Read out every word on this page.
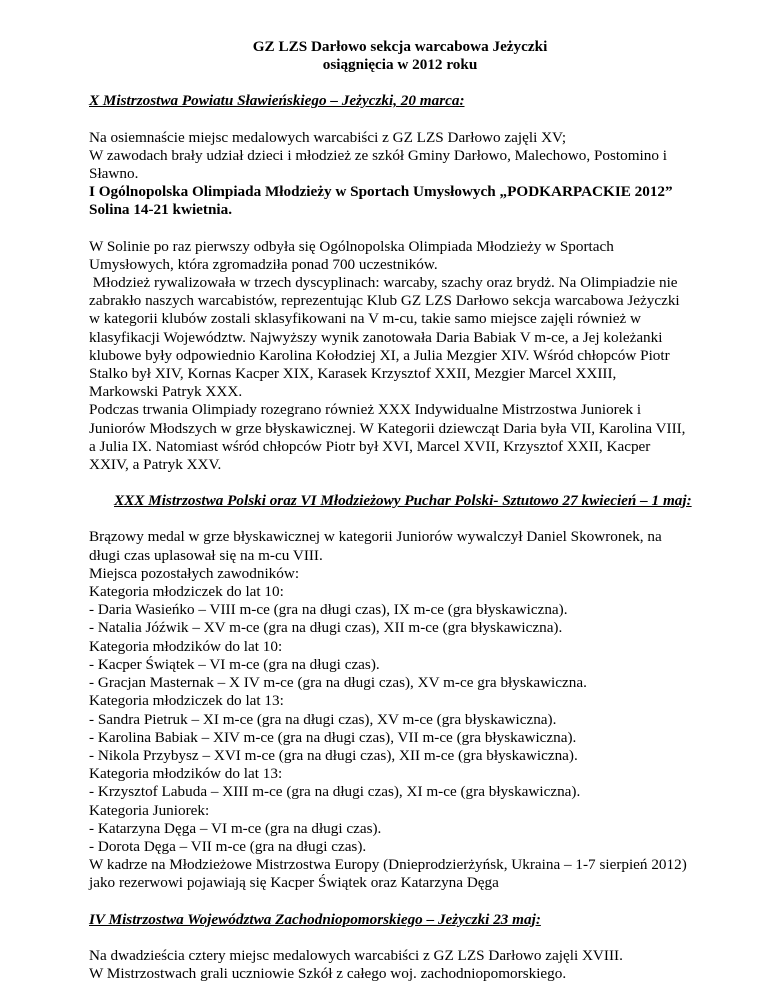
GZ LZS Darłowo sekcja warcabowa Jeżyczki

osiągnięcia w 2012 roku

X Mistrzostwa Powiatu Sławieńskiego – Jeżyczki, 20 marca:

Na osiemnaście miejsc medalowych warcabiści z GZ LZS Darłowo zajęli XV;

W zawodach brały udział dzieci i młodzież ze szkół Gminy Darłowo, Malechowo, Postomino i

Sławno.

I Ogólnopolska Olimpiada Młodzieży w Sportach Umysłowych „PODKARPACKIE 2012”

Solina 14-21 kwietnia.

W Solinie po raz pierwszy odbyła się Ogólnopolska Olimpiada Młodzieży w Sportach

Umysłowych, która zgromadziła ponad 700 uczestników.

Młodzież rywalizowała w trzech dyscyplinach: warcaby, szachy oraz brydż. Na Olimpiadzie nie

zabrakło naszych warcabistów, reprezentując Klub GZ LZS Darłowo sekcja warcabowa Jeżyczki

w kategorii klubów zostali sklasyfikowani na V m-cu, takie samo miejsce zajęli również w

klasyfikacji Województw. Najwyższy wynik zanotowała Daria Babiak V m-ce, a Jej koleżanki

klubowe były odpowiednio Karolina Kołodziej XI, a Julia Mezgier XIV. Wśród chłopców Piotr

Stalko był XIV, Kornas Kacper XIX, Karasek Krzysztof XXII, Mezgier Marcel XXIII,

Markowski Patryk XXX.

Podczas trwania Olimpiady rozegrano również XXX Indywidualne Mistrzostwa Juniorek i

Juniorów Młodszych w grze błyskawicznej. W Kategorii dziewcząt Daria była VII, Karolina VIII,

a Julia IX. Natomiast wśród chłopców Piotr był XVI, Marcel XVII, Krzysztof XXII, Kacper

XXIV, a Patryk XXV.

XXX Mistrzostwa Polski oraz VI Młodzieżowy Puchar Polski- Sztutowo 27 kwiecień – 1 maj:

Brązowy medal w grze błyskawicznej w kategorii Juniorów wywalczył Daniel Skowronek, na

długi czas uplasował się na m-cu VIII.

Miejsca pozostałych zawodników:

Kategoria młodziczek do lat 10:

- Daria Wasieńko – VIII m-ce (gra na długi czas), IX m-ce (gra błyskawiczna).

- Natalia Jóźwik – XV m-ce (gra na długi czas), XII m-ce (gra błyskawiczna).

Kategoria młodzików do lat 10:

- Kacper Świątek – VI m-ce (gra na długi czas).

- Gracjan Masternak – X IV m-ce (gra na długi czas), XV m-ce gra błyskawiczna.

Kategoria młodziczek do lat 13:

- Sandra Pietruk – XI m-ce (gra na długi czas), XV m-ce (gra błyskawiczna).

- Karolina Babiak – XIV m-ce (gra na długi czas), VII m-ce (gra błyskawiczna).

- Nikola Przybysz – XVI m-ce (gra na długi czas), XII m-ce (gra błyskawiczna).

Kategoria młodzików do lat 13:

- Krzysztof Labuda – XIII m-ce (gra na długi czas), XI m-ce (gra błyskawiczna).

Kategoria Juniorek:

- Katarzyna Dęga – VI m-ce (gra na długi czas).

- Dorota Dęga – VII m-ce (gra na długi czas).

W kadrze na Młodzieżowe Mistrzostwa Europy (Dnieprodzierżyńsk, Ukraina – 1-7 sierpień 2012)

jako rezerwowi pojawiają się Kacper Świątek oraz Katarzyna Dęga

IV Mistrzostwa Województwa Zachodniopomorskiego – Jeżyczki 23 maj:

Na dwadzieścia cztery miejsc medalowych warcabiści z GZ LZS Darłowo zajęli XVIII.

W Mistrzostwach grali uczniowie Szkół z całego woj. zachodniopomorskiego.
